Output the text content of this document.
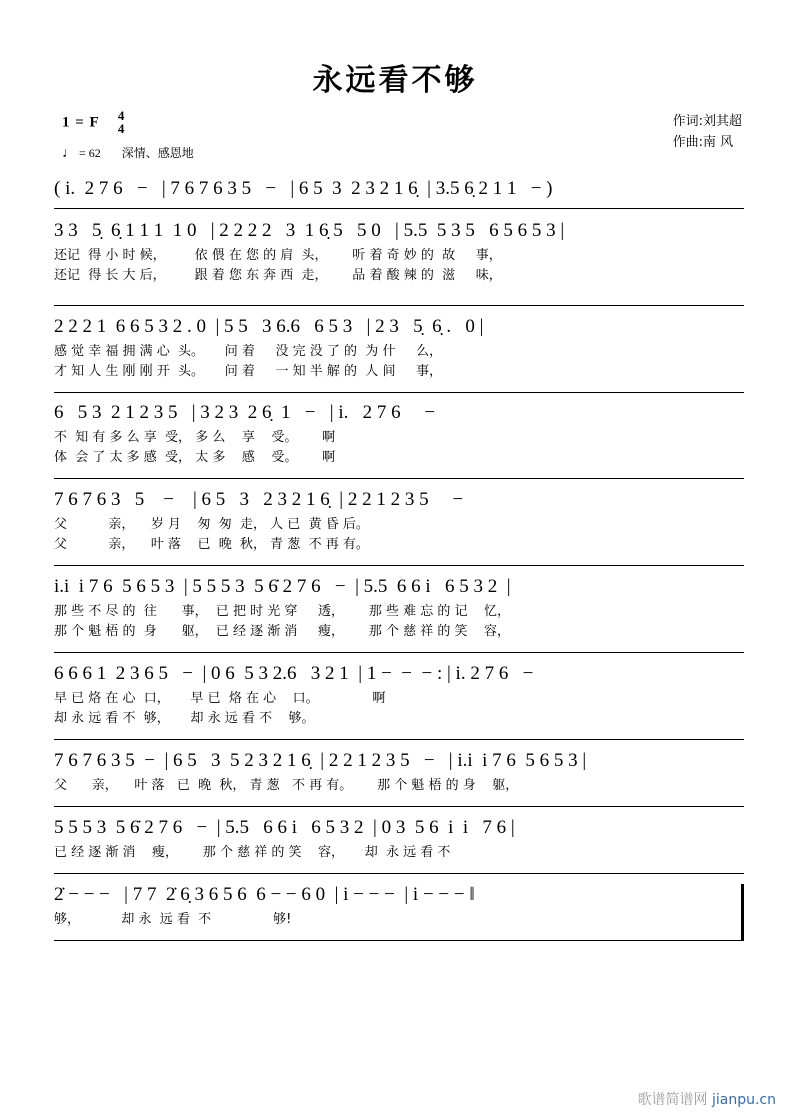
永远看不够
1 = F 4
4
♩ = 62 深情、感恩地
作词:刘其超
作曲:南 风
( i.  2 7 6   −   | 7 6 7 6 3 5   −   | 6 5  3  2 3 2 1 6̣  | 3.5 6̣ 2 1 1   − )
3 3   5̣  6̣ 1 1 1  1 0   | 2 2 2 2   3  1 6̣ 5   5 0   | 5.5  5 3 5   6 5 6 5 3 |
还记  得 小 时 候，       依 偎 在 您 的 肩  头，      听 着 奇 妙 的  故     事，
还记  得 长 大 后，       跟 着 您 东 奔 西  走，      品 着 酸 辣 的  滋     味，
2 2 2 1  6 6 5 3 2 . 0  | 5 5   3 6.6   6 5 3   | 2 3   5̣  6̣ .   0 |
感 觉 幸 福 拥 满 心  头。     问 着     没 完 没 了 的  为 什     么，
才 知 人 生 刚 刚 开  头。     问 着     一 知 半 解 的  人 间     事，
6   5 3  2 1 2 3 5   | 3 2 3  2 6̣  1   −   | i.   2 7 6     −
不  知 有 多 么 享  受， 多 么    享    受。      啊
体  会 了 太 多 感  受， 太 多    感    受。      啊
7 6 7 6 3   5    −    | 6 5   3   2 3 2 1 6̣  | 2 2 1 2 3 5     −
父          亲，    岁 月    匆  匆  走， 人 已  黄 昏 后。
父          亲，    叶 落    已  晚  秋， 青 葱  不 再 有。
i.i  i 7 6  5 6 5 3  | 5 5 5 3  5 6̇ 2 7 6   −  | 5.5  6 6 i   6 5 3 2  |
那 些 不 尽 的  往      事，  已 把 时 光 穿     透，      那 些 难 忘 的 记    忆，
那 个 魁 梧 的  身      躯，  已 经 逐 渐 消     瘦，      那 个 慈 祥 的 笑    容，
6 6 6 1  2 3 6 5   −  | 0 6  5 3 2.6   3 2 1  | 1 −  −  − : | i. 2 7 6   −
早 已 烙 在 心  口，     早 已  烙 在 心    口。             啊
却 永 远 看 不  够，     却 永 远 看 不    够。
7 6 7 6 3 5  −  | 6 5   3  5 2 3 2 1 6̣  | 2 2 1 2 3 5   −   | i.i  i 7 6  5 6 5 3 |
父      亲，    叶 落   已  晚  秋， 青 葱   不 再 有。      那 个 魁 梧 的 身    躯，
5 5 5 3  5 6̇ 2 7 6   −  | 5.5   6 6 i   6 5 3 2  | 0 3  5 6  i  i   7 6 |
已 经 逐 渐 消    瘦，      那 个 慈 祥 的 笑    容，     却  永 远 看 不
2̇ − − −   | 7 7  2̇ 6̣ 3 6 5 6  6 − − 6 0  | i − − −  | i − − − ‖
够，          却 永  远 看  不               够!
歌谱简谱网 jianpu.cn
